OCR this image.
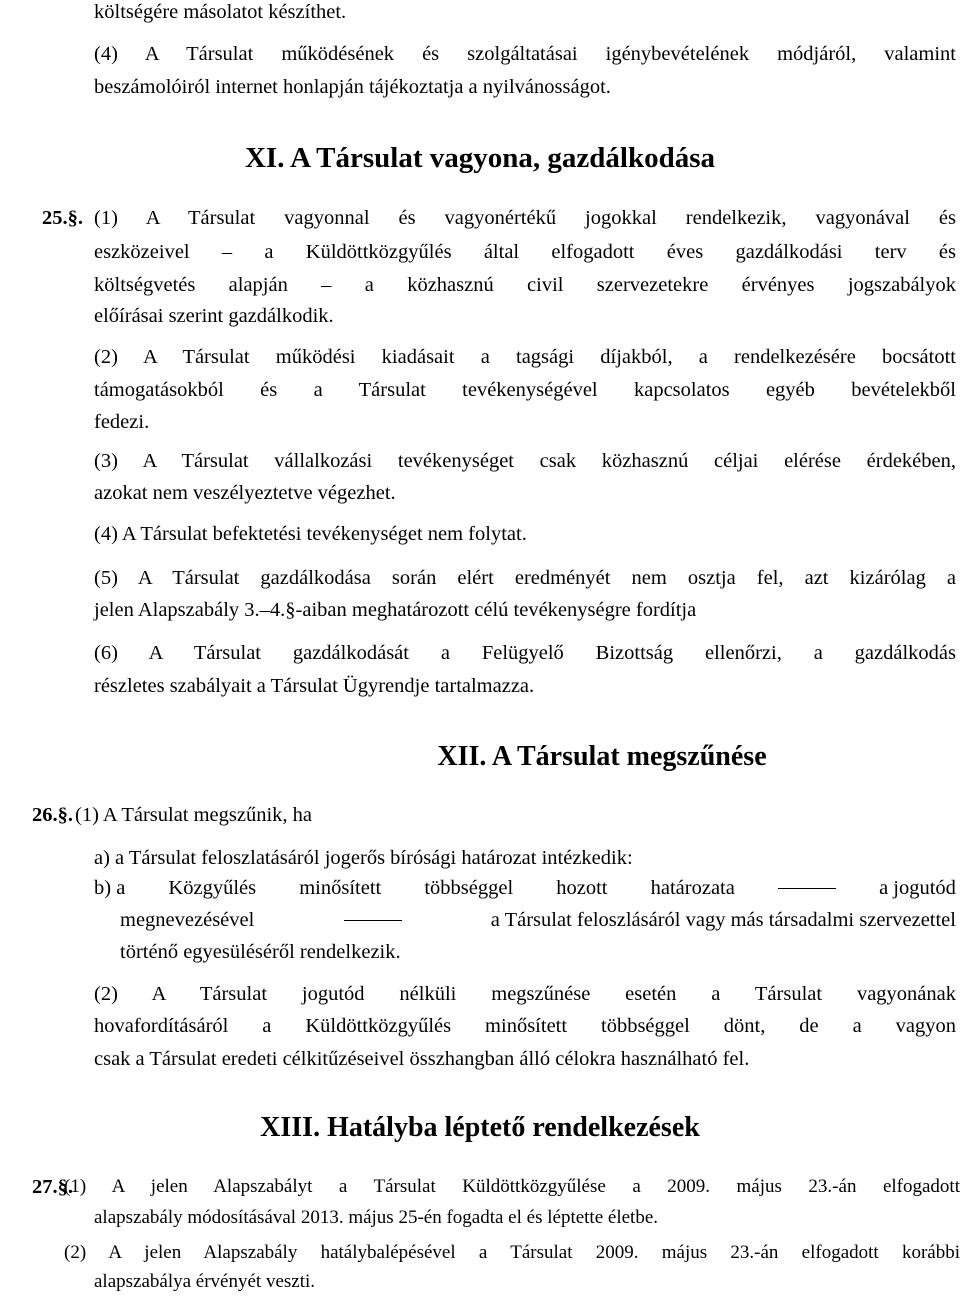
költségére másolatot készíthet.
(4) A Társulat működésének és szolgáltatásai igénybevételének módjáról, valamint
beszámolóiról internet honlapján tájékoztatja a nyilvánosságot.
XI. A Társulat vagyona, gazdálkodása
25.§. (1) A Társulat vagyonnal és vagyonértékű jogokkal rendelkezik, vagyonával és
eszközeivel – a Küldöttközgyűlés által elfogadott éves gazdálkodási terv és
költségvetés alapján – a közhasznú civil szervezetekre érvényes jogszabályok
előírásai szerint gazdálkodik.
(2) A Társulat működési kiadásait a tagsági díjakból, a rendelkezésére bocsátott
támogatásokból és a Társulat tevékenységével kapcsolatos egyéb bevételekből
fedezi.
(3) A Társulat vállalkozási tevékenységet csak közhasznú céljai elérése érdekében,
azokat nem veszélyeztetve végezhet.
(4) A Társulat befektetési tevékenységet nem folytat.
(5) A Társulat gazdálkodása során elért eredményét nem osztja fel, azt kizárólag a
jelen Alapszabály 3.–4.§-aiban meghatározott célú tevékenységre fordítja
(6) A Társulat gazdálkodását a Felügyelő Bizottság ellenőrzi, a gazdálkodás
részletes szabályait a Társulat Ügyrendje tartalmazza.
XII. A Társulat megszűnése
26.§. (1) A Társulat megszűnik, ha
a) a Társulat feloszlatásáról jogerős bírósági határozat intézkedik:
b) a Közgyűlés minősített többséggel hozott határozata	a jogutód
megnevezésével	a Társulat feloszlásáról vagy más társadalmi szervezettel
történő egyesüléséről rendelkezik.
(2) A Társulat jogutód nélküli megszűnése esetén a Társulat vagyonának
hovafordításáról a Küldöttközgyűlés minősített többséggel dönt, de a vagyon
csak a Társulat eredeti célkitűzéseivel összhangban álló célokra használható fel.
XIII. Hatályba léptető rendelkezések
27.§.
(1) A jelen Alapszabályt a Társulat Küldöttközgyűlése a 2009. május 23.-án elfogadott
alapszabály módosításával 2013. május 25-én fogadta el és léptette életbe.
(2) A jelen Alapszabály hatálybalépésével a Társulat 2009. május 23.-án elfogadott korábbi
alapszabálya érvényét veszti.
